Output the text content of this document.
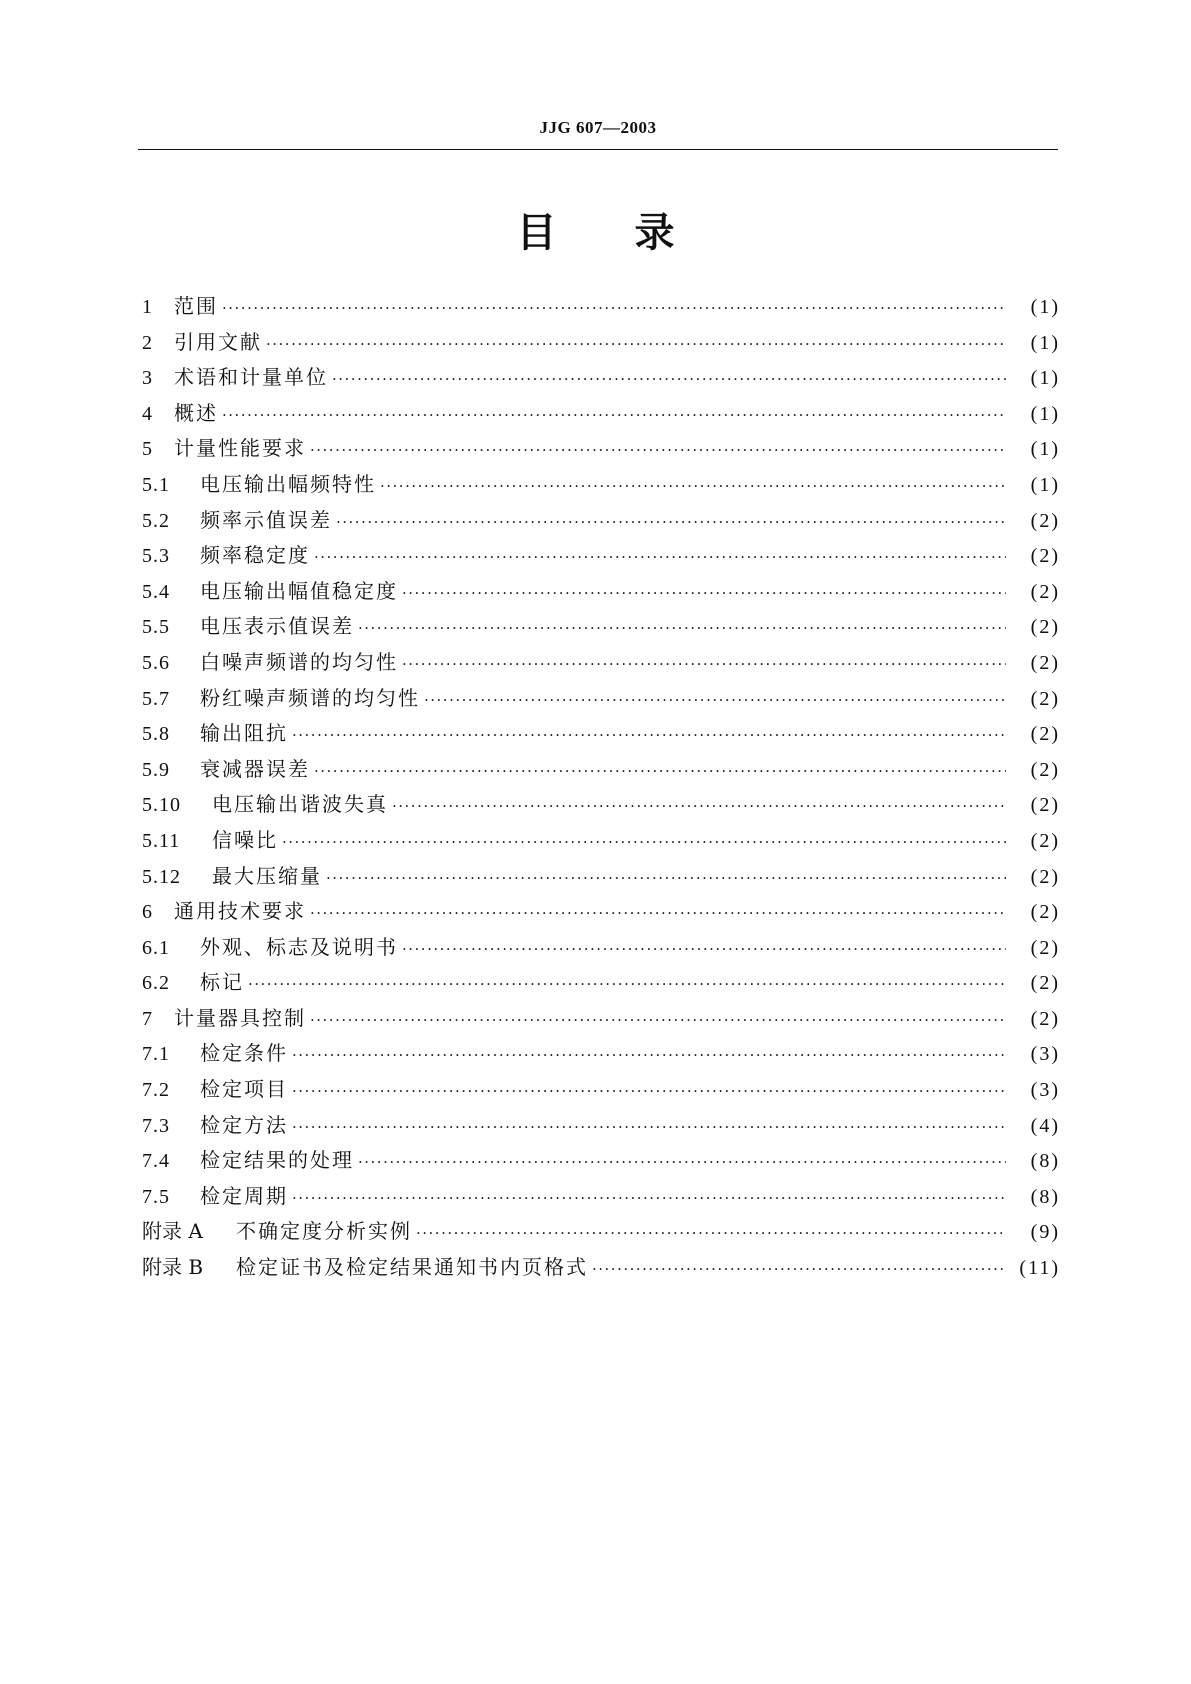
JJG 607—2003
目 录
1	范围 ·····	(1)
2	引用文献 ·····	(1)
3	术语和计量单位 ·····	(1)
4	概述 ·····	(1)
5	计量性能要求 ·····	(1)
5.1	电压输出幅频特性 ·····	(1)
5.2	频率示值误差 ·····	(2)
5.3	频率稳定度 ·····	(2)
5.4	电压输出幅值稳定度 ·····	(2)
5.5	电压表示值误差 ·····	(2)
5.6	白噪声频谱的均匀性 ·····	(2)
5.7	粉红噪声频谱的均匀性 ·····	(2)
5.8	输出阻抗 ·····	(2)
5.9	衰减器误差 ·····	(2)
5.10	电压输出谐波失真 ·····	(2)
5.11	信噪比 ·····	(2)
5.12	最大压缩量 ·····	(2)
6	通用技术要求 ·····	(2)
6.1	外观、标志及说明书 ·····	(2)
6.2	标记 ·····	(2)
7	计量器具控制 ·····	(2)
7.1	检定条件 ·····	(3)
7.2	检定项目 ·····	(3)
7.3	检定方法 ·····	(4)
7.4	检定结果的处理 ·····	(8)
7.5	检定周期 ·····	(8)
附录 A	不确定度分析实例 ·····	(9)
附录 B	检定证书及检定结果通知书内页格式 ·····	(11)
